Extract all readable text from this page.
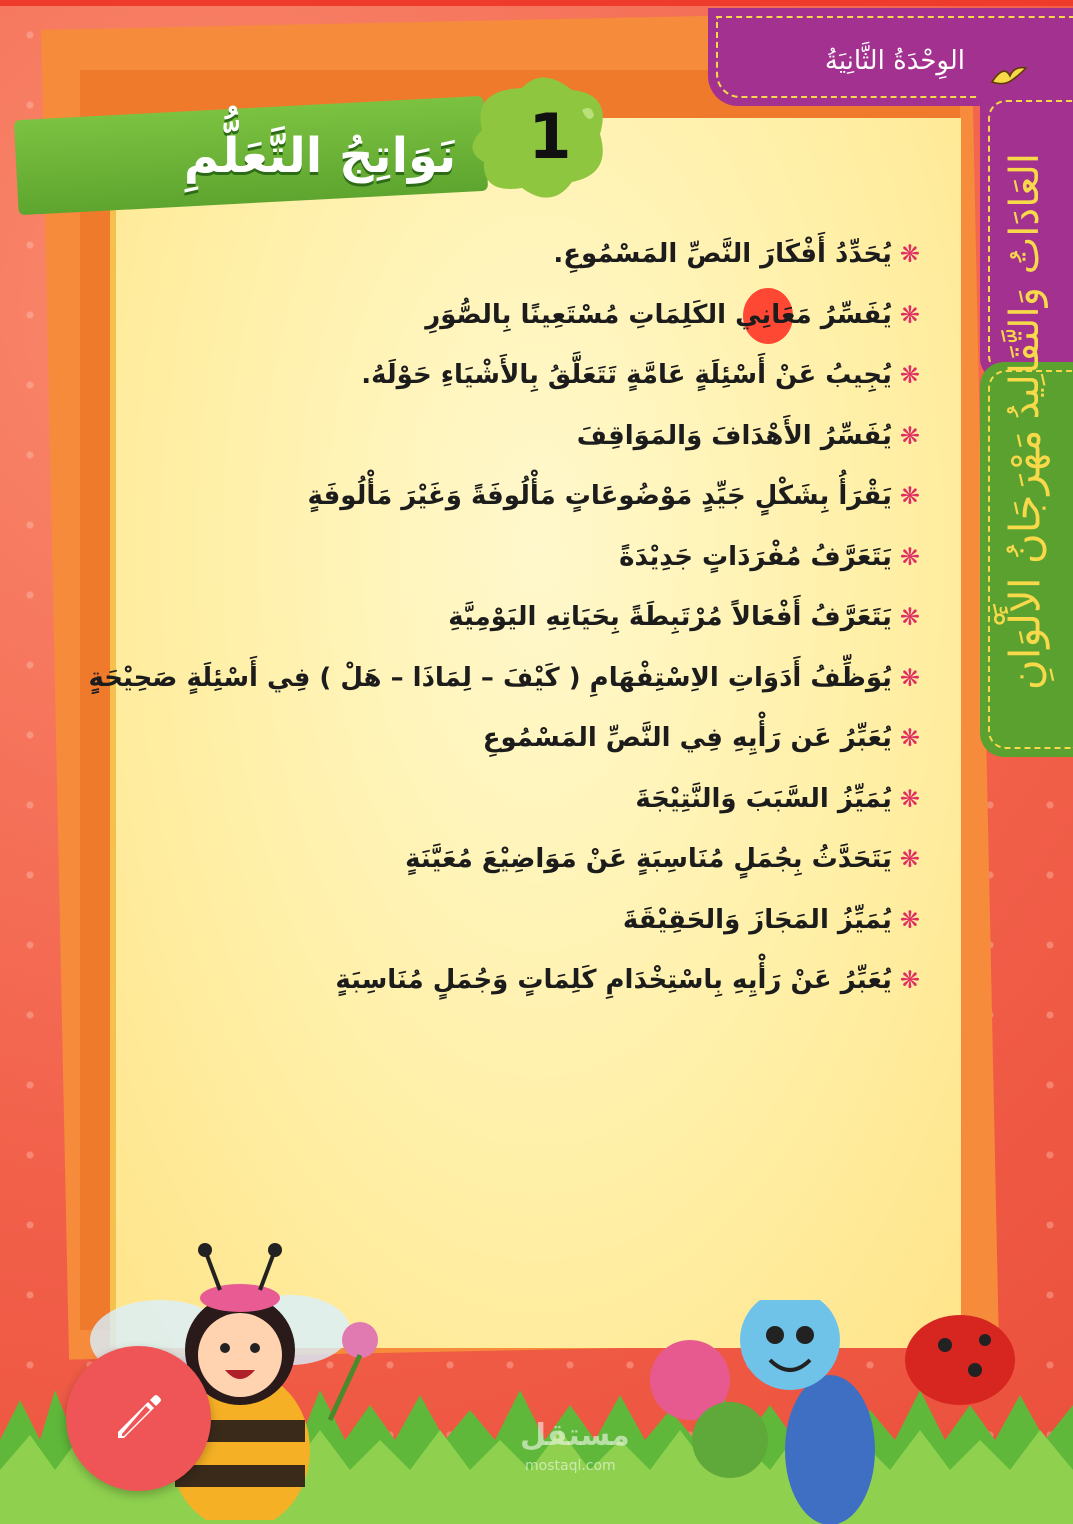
الوِحْدَةُ الثَّانِيَةُ
العَادَاتُ وَالتَّقَالِيدُ
مَهْرَجَانُ الأَلْوَانِ
1
نَوَاتِجُ التَّعَلُّمِ
❋
يُحَدِّدُ أَفْكَارَ النَّصِّ المَسْمُوعِ.
❋
يُفَسِّرُ مَعَانِي الكَلِمَاتِ مُسْتَعِينًا بِالصُّوَرِ
❋
يُجِيبُ عَنْ أَسْئِلَةٍ عَامَّةٍ تَتَعَلَّقُ بِالأَشْيَاءِ حَوْلَهُ.
❋
يُفَسِّرُ الأَهْدَافَ وَالمَوَاقِفَ
❋
يَقْرَأُ بِشَكْلٍ جَيِّدٍ مَوْضُوعَاتٍ مَأْلُوفَةً وَغَيْرَ مَأْلُوفَةٍ
❋
يَتَعَرَّفُ مُفْرَدَاتٍ جَدِيْدَةً
❋
يَتَعَرَّفُ أَفْعَالاً مُرْتَبِطَةً بِحَيَاتِهِ اليَوْمِيَّةِ
❋
يُوَظِّفُ أَدَوَاتِ الاِسْتِفْهَامِ ( كَيْفَ – لِمَاذَا – هَلْ ) فِي أَسْئِلَةٍ صَحِيْحَةٍ
❋
يُعَبِّرُ عَن رَأْيِهِ فِي النَّصِّ المَسْمُوعِ
❋
يُمَيِّزُ السَّبَبَ وَالنَّتِيْجَةَ
❋
يَتَحَدَّثُ بِجُمَلٍ مُنَاسِبَةٍ عَنْ مَوَاضِيْعَ مُعَيَّنَةٍ
❋
يُمَيِّزُ المَجَازَ وَالحَقِيْقَةَ
❋
يُعَبِّرُ عَنْ رَأْيِهِ بِاسْتِخْدَامِ كَلِمَاتٍ وَجُمَلٍ مُنَاسِبَةٍ
مستقل
mostaql.com
